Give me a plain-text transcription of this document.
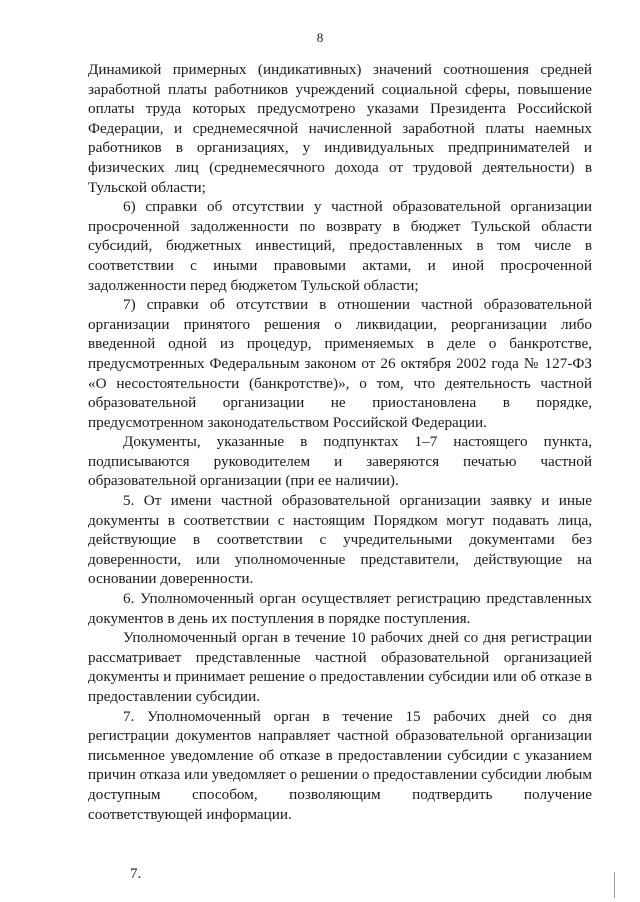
8

Динамикой примерных (индикативных) значений соотношения средней заработной платы работников учреждений социальной сферы, повышение оплаты труда которых предусмотрено указами Президента Российской Федерации, и среднемесячной начисленной заработной платы наемных работников в организациях, у индивидуальных предпринимателей и физических лиц (среднемесячного дохода от трудовой деятельности) в Тульской области;

6) справки об отсутствии у частной образовательной организации просроченной задолженности по возврату в бюджет Тульской области субсидий, бюджетных инвестиций, предоставленных в том числе в соответствии с иными правовыми актами, и иной просроченной задолженности перед бюджетом Тульской области;

7) справки об отсутствии в отношении частной образовательной организации принятого решения о ликвидации, реорганизации либо введенной одной из процедур, применяемых в деле о банкротстве, предусмотренных Федеральным законом от 26 октября 2002 года № 127-ФЗ «О несостоятельности (банкротстве)», о том, что деятельность частной образовательной организации не приостановлена в порядке, предусмотренном законодательством Российской Федерации.

Документы, указанные в подпунктах 1–7 настоящего пункта, подписываются руководителем и заверяются печатью частной образовательной организации (при ее наличии).

5. От имени частной образовательной организации заявку и иные документы в соответствии с настоящим Порядком могут подавать лица, действующие в соответствии с учредительными документами без доверенности, или уполномоченные представители, действующие на основании доверенности.

6. Уполномоченный орган осуществляет регистрацию представленных документов в день их поступления в порядке поступления.

Уполномоченный орган в течение 10 рабочих дней со дня регистрации рассматривает представленные частной образовательной организацией документы и принимает решение о предоставлении субсидии или об отказе в предоставлении субсидии.

7. Уполномоченный орган в течение 15 рабочих дней со дня регистрации документов направляет частной образовательной организации письменное уведомление об отказе в предоставлении субсидии с указанием причин отказа или уведомляет о решении о предоставлении субсидии любым доступным способом, позволяющим подтвердить получение соответствующей информации.

7.
